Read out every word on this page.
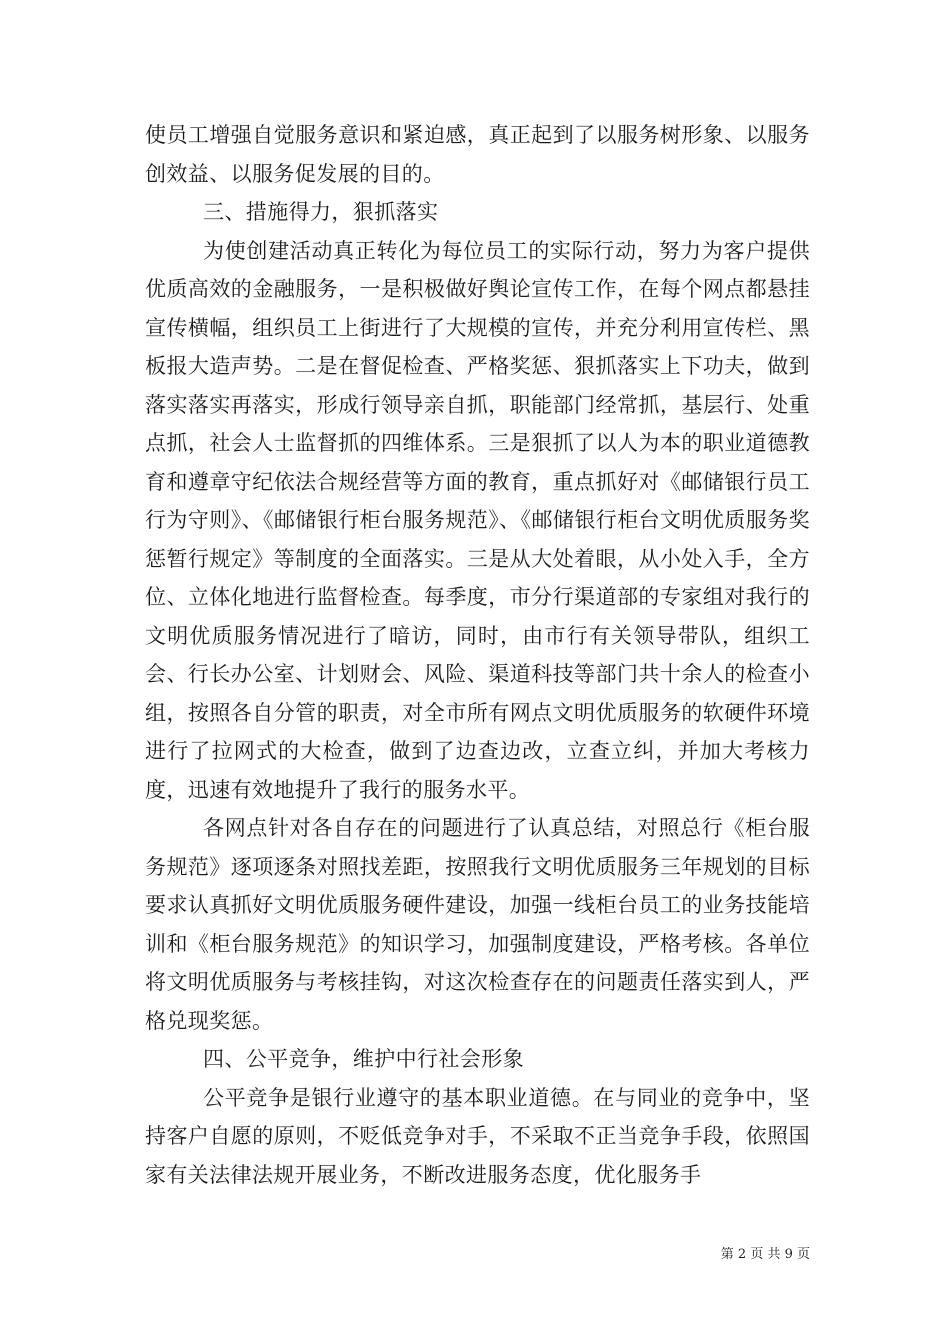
使员工增强自觉服务意识和紧迫感，真正起到了以服务树形象、以服务创效益、以服务促发展的目的。

三、措施得力，狠抓落实

为使创建活动真正转化为每位员工的实际行动，努力为客户提供优质高效的金融服务，一是积极做好舆论宣传工作，在每个网点都悬挂宣传横幅，组织员工上街进行了大规模的宣传，并充分利用宣传栏、黑板报大造声势。二是在督促检查、严格奖惩、狠抓落实上下功夫，做到落实落实再落实，形成行领导亲自抓，职能部门经常抓，基层行、处重点抓，社会人士监督抓的四维体系。三是狠抓了以人为本的职业道德教育和遵章守纪依法合规经营等方面的教育，重点抓好对《邮储银行员工行为守则》、《邮储银行柜台服务规范》、《邮储银行柜台文明优质服务奖惩暂行规定》等制度的全面落实。三是从大处着眼，从小处入手，全方位、立体化地进行监督检查。每季度，市分行渠道部的专家组对我行的文明优质服务情况进行了暗访，同时，由市行有关领导带队，组织工会、行长办公室、计划财会、风险、渠道科技等部门共十余人的检查小组，按照各自分管的职责，对全市所有网点文明优质服务的软硬件环境进行了拉网式的大检查，做到了边查边改，立查立纠，并加大考核力度，迅速有效地提升了我行的服务水平。

各网点针对各自存在的问题进行了认真总结，对照总行《柜台服务规范》逐项逐条对照找差距，按照我行文明优质服务三年规划的目标要求认真抓好文明优质服务硬件建设，加强一线柜台员工的业务技能培训和《柜台服务规范》的知识学习，加强制度建设，严格考核。各单位将文明优质服务与考核挂钩，对这次检查存在的问题责任落实到人，严格兑现奖惩。

四、公平竞争，维护中行社会形象

公平竞争是银行业遵守的基本职业道德。在与同业的竞争中，坚持客户自愿的原则，不贬低竞争对手，不采取不正当竞争手段，依照国家有关法律法规开展业务，不断改进服务态度，优化服务手

第 2 页 共 9 页
